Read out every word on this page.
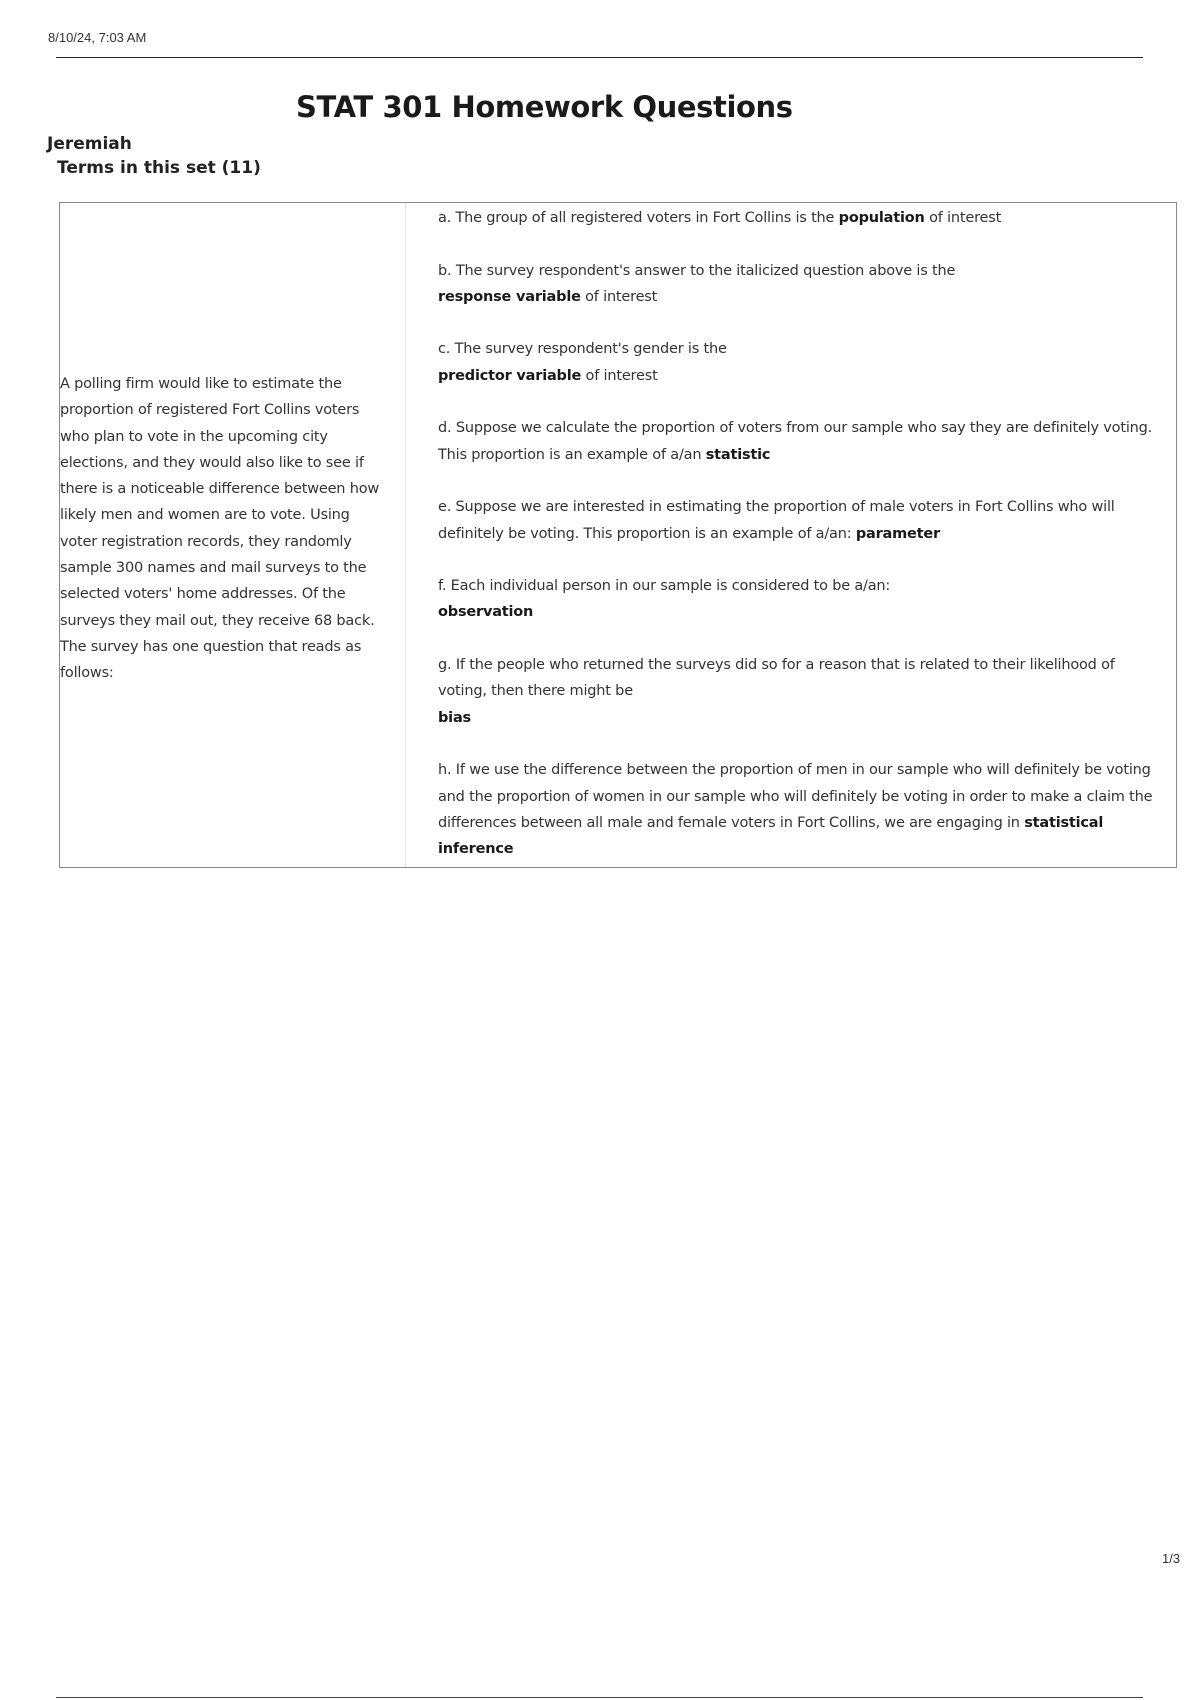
8/10/24, 7:03 AM
STAT 301 Homework Questions
Jeremiah
Terms in this set (11)
A polling firm would like to estimate the proportion of registered Fort Collins voters who plan to vote in the upcoming city elections, and they would also like to see if there is a noticeable difference between how likely men and women are to vote. Using voter registration records, they randomly sample 300 names and mail surveys to the selected voters' home addresses. Of the surveys they mail out, they receive 68 back. The survey has one question that reads as follows:
a. The group of all registered voters in Fort Collins is the population of interest
b. The survey respondent's answer to the italicized question above is the
response variable of interest
c. The survey respondent's gender is the
predictor variable of interest
d. Suppose we calculate the proportion of voters from our sample who say they are definitely voting. This proportion is an example of a/an statistic
e. Suppose we are interested in estimating the proportion of male voters in Fort Collins who will definitely be voting. This proportion is an example of a/an: parameter
f. Each individual person in our sample is considered to be a/an:
observation
g. If the people who returned the surveys did so for a reason that is related to their likelihood of voting, then there might be
bias
h. If we use the difference between the proportion of men in our sample who will definitely be voting and the proportion of women in our sample who will definitely be voting in order to make a claim the differences between all male and female voters in Fort Collins, we are engaging in statistical inference
1/3
